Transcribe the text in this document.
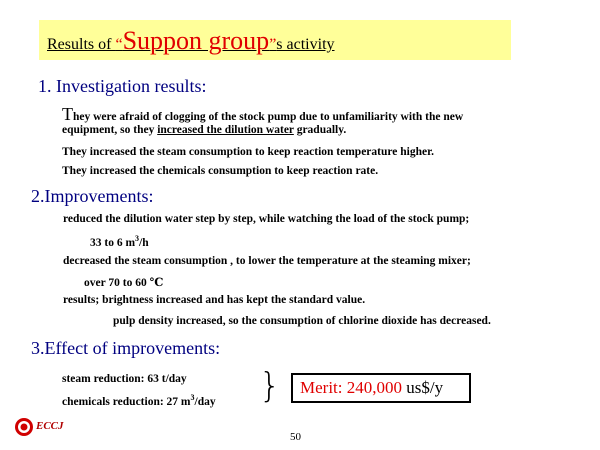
Results of “Suppon group”s activity
1. Investigation results:
They were afraid of clogging of the stock pump due to unfamiliarity with the new
equipment, so they increased the dilution water gradually.
They increased the steam consumption to keep reaction temperature higher.
They increased the chemicals consumption to keep reaction rate.
2.Improvements:
reduced the dilution water step by step, while watching the load of the stock pump;
33 to 6 $m^3/h$
decreased the steam consumption , to lower the temperature at the steaming mixer;
over 70 to 60 ℃
results; brightness increased and has kept the standard value.
pulp density increased, so the consumption of chlorine dioxide has decreased.
3.Effect of improvements:
steam reduction: 63 t/day
chemicals reduction: 27 $m^3$/day }	Merit: 240,000 us$/y
ECCJ
50
